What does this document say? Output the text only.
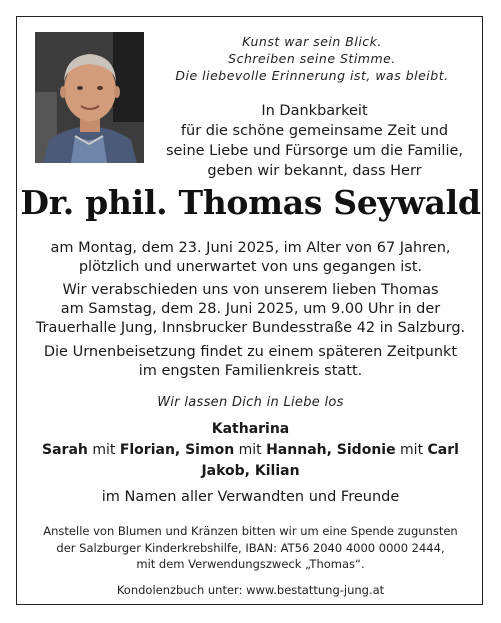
Kunst war sein Blick.
Schreiben seine Stimme.
Die liebevolle Erinnerung ist, was bleibt.
In Dankbarkeit
für die schöne gemeinsame Zeit und
seine Liebe und Fürsorge um die Familie,
geben wir bekannt, dass Herr
Dr. phil. Thomas Seywald
am Montag, dem 23. Juni 2025, im Alter von 67 Jahren,
plötzlich und unerwartet von uns gegangen ist.
Wir verabschieden uns von unserem lieben Thomas
am Samstag, dem 28. Juni 2025, um 9.00 Uhr in der
Trauerhalle Jung, Innsbrucker Bundesstraße 42 in Salzburg.
Die Urnenbeisetzung findet zu einem späteren Zeitpunkt
im engsten Familienkreis statt.
Wir lassen Dich in Liebe los
Katharina
Sarah mit Florian, Simon mit Hannah, Sidonie mit Carl
Jakob, Kilian
im Namen aller Verwandten und Freunde
Anstelle von Blumen und Kränzen bitten wir um eine Spende zugunsten
der Salzburger Kinderkrebshilfe, IBAN: AT56 2040 4000 0000 2444,
mit dem Verwendungszweck „Thomas“.
Kondolenzbuch unter: www.bestattung-jung.at
